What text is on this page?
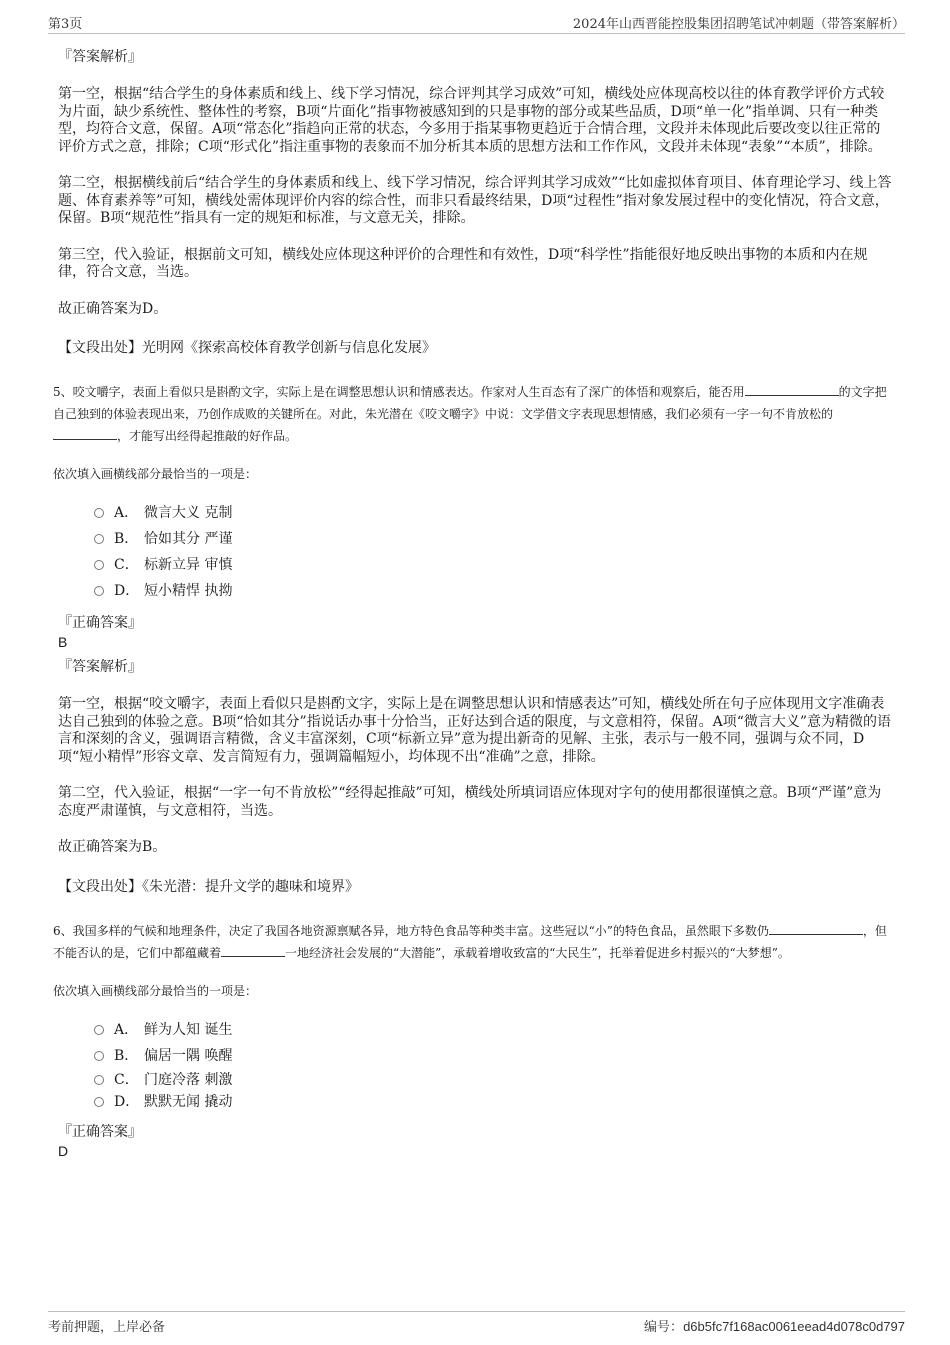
第3页	2024年山西晋能控股集团招聘笔试冲刺题（带答案解析）
『答案解析』

第一空，根据“结合学生的身体素质和线上、线下学习情况，综合评判其学习成效”可知，横线处应体现高校以往的体育教学评价方式较为片面，缺少系统性、整体性的考察，B项“片面化”指事物被感知到的只是事物的部分或某些品质，D项“单一化”指单调、只有一种类型，均符合文意，保留。A项“常态化”指趋向正常的状态，今多用于指某事物更趋近于合情合理，文段并未体现此后要改变以往正常的评价方式之意，排除；C项“形式化”指注重事物的表象而不加分析其本质的思想方法和工作作风，文段并未体现“表象”“本质”，排除。

第二空，根据横线前后“结合学生的身体素质和线上、线下学习情况，综合评判其学习成效”“比如虚拟体育项目、体育理论学习、线上答题、体育素养等”可知，横线处需体现评价内容的综合性，而非只看最终结果，D项“过程性”指对象发展过程中的变化情况，符合文意，保留。B项“规范性”指具有一定的规矩和标准，与文意无关，排除。

第三空，代入验证，根据前文可知，横线处应体现这种评价的合理性和有效性，D项“科学性”指能很好地反映出事物的本质和内在规律，符合文意，当选。

故正确答案为D。

【文段出处】光明网《探索高校体育教学创新与信息化发展》

5、咬文嚼字，表面上看似只是斟酌文字，实际上是在调整思想认识和情感表达。作家对人生百态有了深广的体悟和观察后，能否用	的文字把自己独到的体验表现出来，乃创作成败的关键所在。对此，朱光潜在《咬文嚼字》中说：文学借文字表现思想情感，我们必须有一字一句不肯放松的，才能写出经得起推敲的好作品。
依次填入画横线部分最恰当的一项是：
A． 微言大义 克制
B． 恰如其分 严谨
C． 标新立异 审慎
D． 短小精悍 执拗
『正确答案』
B
『答案解析』

第一空，根据“咬文嚼字，表面上看似只是斟酌文字，实际上是在调整思想认识和情感表达”可知，横线处所在句子应体现用文字准确表达自己独到的体验之意。B项“恰如其分”指说话办事十分恰当，正好达到合适的限度，与文意相符，保留。A项“微言大义”意为精微的语言和深刻的含义，强调语言精微，含义丰富深刻，C项“标新立异”意为提出新奇的见解、主张，表示与一般不同，强调与众不同，D项“短小精悍”形容文章、发言简短有力，强调篇幅短小，均体现不出“准确”之意，排除。

第二空，代入验证，根据“一字一句不肯放松”“经得起推敲”可知，横线处所填词语应体现对字句的使用都很谨慎之意。B项“严谨”意为态度严肃谨慎，与文意相符，当选。

故正确答案为B。

【文段出处】《朱光潜：提升文学的趣味和境界》

6、我国多样的气候和地理条件，决定了我国各地资源禀赋各异，地方特色食品等种类丰富。这些冠以“小”的特色食品，虽然眼下多数仍	，但不能否认的是，它们中都蕴藏着	一地经济社会发展的“大潜能”，承载着增收致富的“大民生”，托举着促进乡村振兴的“大梦想”。
依次填入画横线部分最恰当的一项是：
A． 鲜为人知 诞生
B． 偏居一隅 唤醒
C． 门庭冷落 刺激
D． 默默无闻 撬动
『正确答案』
D
考前押题，上岸必备	编号：d6b5fc7f168ac0061eead4d078c0d797
